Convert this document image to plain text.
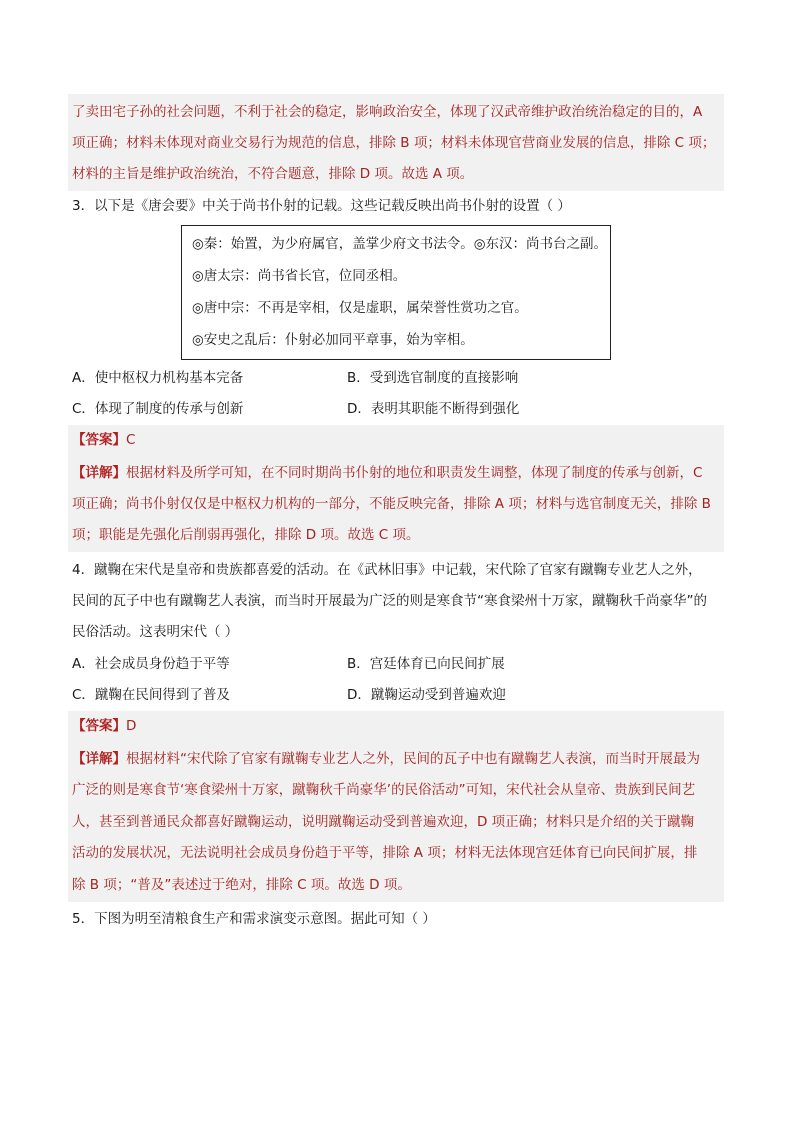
了卖田宅子孙的社会问题，不利于社会的稳定，影响政治安全，体现了汉武帝维护政治统治稳定的目的，A
项正确；材料未体现对商业交易行为规范的信息，排除 B 项；材料未体现官营商业发展的信息，排除 C 项；
材料的主旨是维护政治统治，不符合题意，排除 D 项。故选 A 项。
3．以下是《唐会要》中关于尚书仆射的记载。这些记载反映出尚书仆射的设置（ ）
◎秦：始置，为少府属官，盖掌少府文书法令。◎东汉：尚书台之副。
◎唐太宗：尚书省长官，位同丞相。
◎唐中宗：不再是宰相，仅是虚职，属荣誉性赏功之官。
◎安史之乱后：仆射必加同平章事，始为宰相。
A．使中枢权力机构基本完备	B．受到选官制度的直接影响
C．体现了制度的传承与创新	D．表明其职能不断得到强化
【答案】C
【详解】根据材料及所学可知，在不同时期尚书仆射的地位和职责发生调整，体现了制度的传承与创新，C
项正确；尚书仆射仅仅是中枢权力机构的一部分，不能反映完备，排除 A 项；材料与选官制度无关，排除 B
项；职能是先强化后削弱再强化，排除 D 项。故选 C 项。
4．蹴鞠在宋代是皇帝和贵族都喜爱的活动。在《武林旧事》中记载，宋代除了官家有蹴鞠专业艺人之外，
民间的瓦子中也有蹴鞠艺人表演，而当时开展最为广泛的则是寒食节“寒食梁州十万家，蹴鞠秋千尚豪华”的
民俗活动。这表明宋代（ ）
A．社会成员身份趋于平等	B．宫廷体育已向民间扩展
C．蹴鞠在民间得到了普及	D．蹴鞠运动受到普遍欢迎
【答案】D
【详解】根据材料“宋代除了官家有蹴鞠专业艺人之外，民间的瓦子中也有蹴鞠艺人表演，而当时开展最为
广泛的则是寒食节‘寒食梁州十万家，蹴鞠秋千尚豪华’的民俗活动”可知，宋代社会从皇帝、贵族到民间艺
人，甚至到普通民众都喜好蹴鞠运动，说明蹴鞠运动受到普遍欢迎，D 项正确；材料只是介绍的关于蹴鞠
活动的发展状况，无法说明社会成员身份趋于平等，排除 A 项；材料无法体现宫廷体育已向民间扩展，排
除 B 项；“普及”表述过于绝对，排除 C 项。故选 D 项。
5．下图为明至清粮食生产和需求演变示意图。据此可知（ ）
